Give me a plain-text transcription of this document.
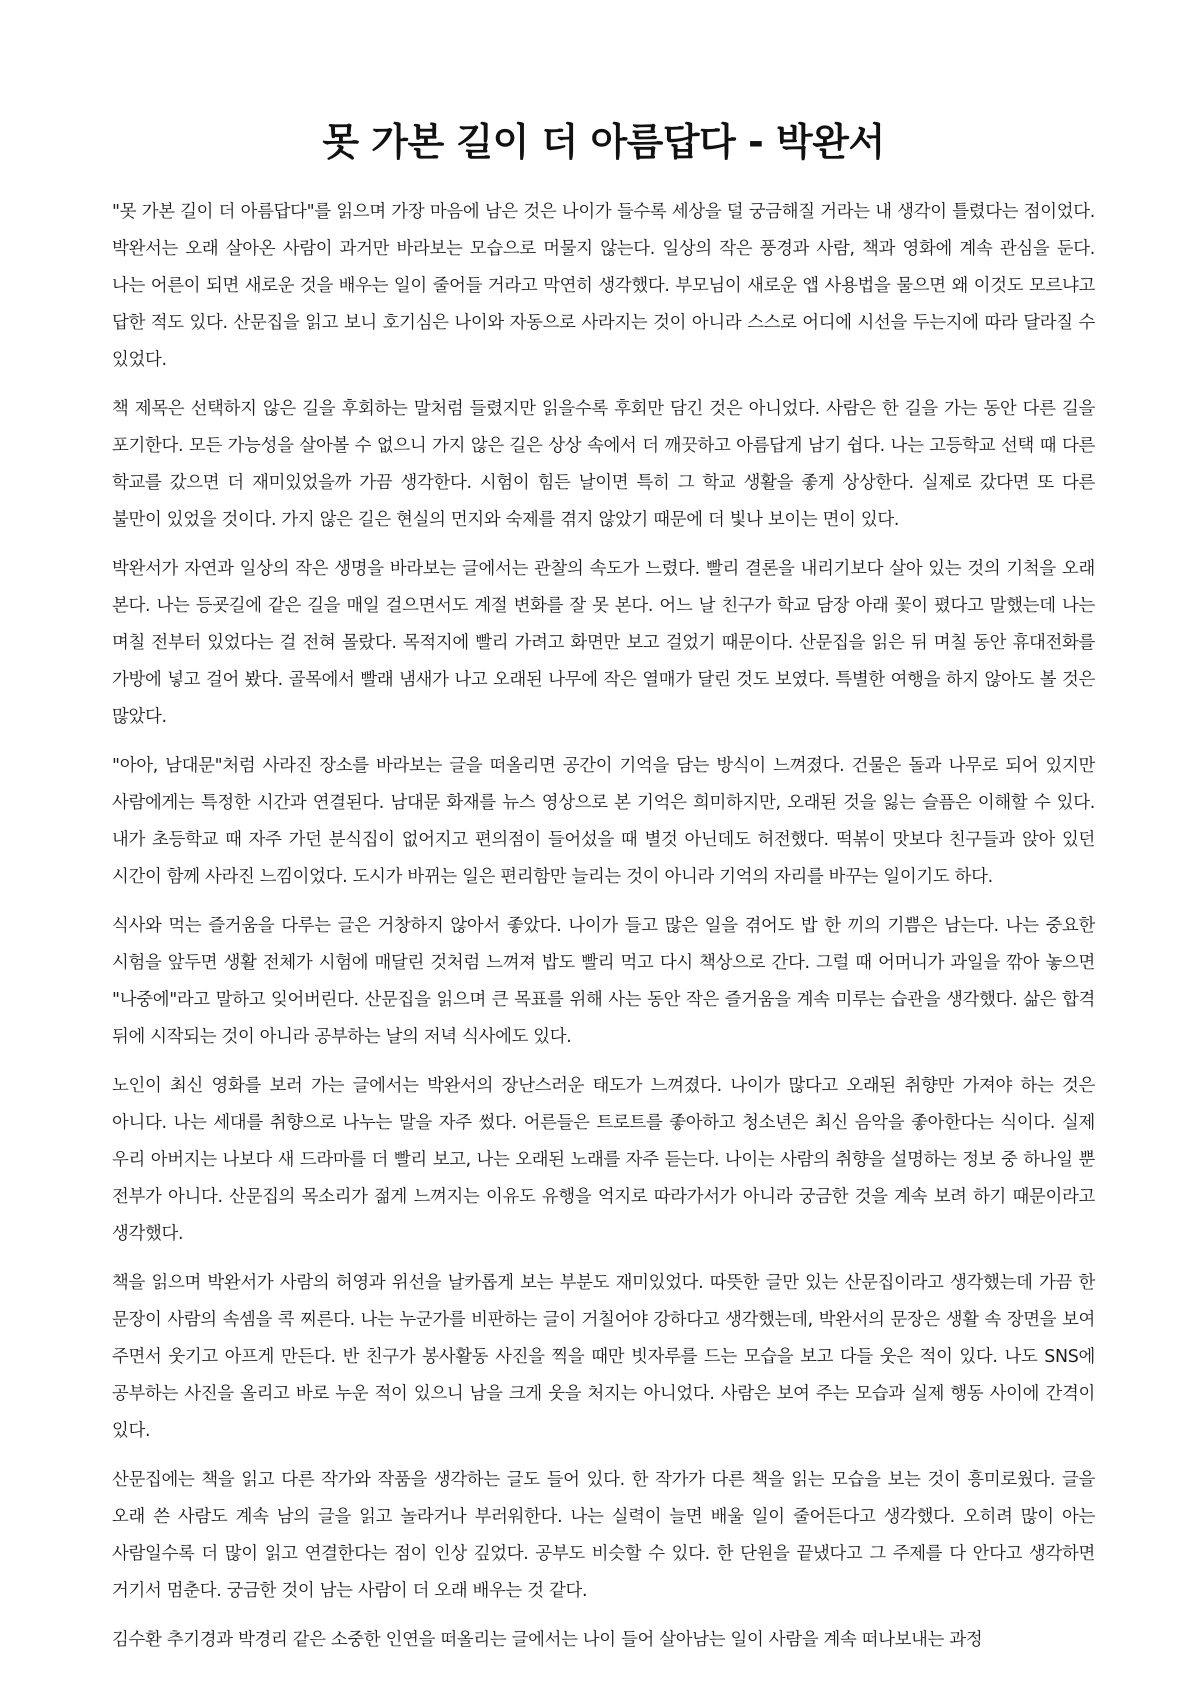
못 가본 길이 더 아름답다 - 박완서

"못 가본 길이 더 아름답다"를 읽으며 가장 마음에 남은 것은 나이가 들수록 세상을 덜 궁금해질 거라는 내 생각이 틀렸다는 점이었다. 박완서는 오래 살아온 사람이 과거만 바라보는 모습으로 머물지 않는다. 일상의 작은 풍경과 사람, 책과 영화에 계속 관심을 둔다. 나는 어른이 되면 새로운 것을 배우는 일이 줄어들 거라고 막연히 생각했다. 부모님이 새로운 앱 사용법을 물으면 왜 이것도 모르냐고 답한 적도 있다. 산문집을 읽고 보니 호기심은 나이와 자동으로 사라지는 것이 아니라 스스로 어디에 시선을 두는지에 따라 달라질 수 있었다.

책 제목은 선택하지 않은 길을 후회하는 말처럼 들렸지만 읽을수록 후회만 담긴 것은 아니었다. 사람은 한 길을 가는 동안 다른 길을 포기한다. 모든 가능성을 살아볼 수 없으니 가지 않은 길은 상상 속에서 더 깨끗하고 아름답게 남기 쉽다. 나는 고등학교 선택 때 다른 학교를 갔으면 더 재미있었을까 가끔 생각한다. 시험이 힘든 날이면 특히 그 학교 생활을 좋게 상상한다. 실제로 갔다면 또 다른 불만이 있었을 것이다. 가지 않은 길은 현실의 먼지와 숙제를 겪지 않았기 때문에 더 빛나 보이는 면이 있다.

박완서가 자연과 일상의 작은 생명을 바라보는 글에서는 관찰의 속도가 느렸다. 빨리 결론을 내리기보다 살아 있는 것의 기척을 오래 본다. 나는 등굣길에 같은 길을 매일 걸으면서도 계절 변화를 잘 못 본다. 어느 날 친구가 학교 담장 아래 꽃이 폈다고 말했는데 나는 며칠 전부터 있었다는 걸 전혀 몰랐다. 목적지에 빨리 가려고 화면만 보고 걸었기 때문이다. 산문집을 읽은 뒤 며칠 동안 휴대전화를 가방에 넣고 걸어 봤다. 골목에서 빨래 냄새가 나고 오래된 나무에 작은 열매가 달린 것도 보였다. 특별한 여행을 하지 않아도 볼 것은 많았다.

"아아, 남대문"처럼 사라진 장소를 바라보는 글을 떠올리면 공간이 기억을 담는 방식이 느껴졌다. 건물은 돌과 나무로 되어 있지만 사람에게는 특정한 시간과 연결된다. 남대문 화재를 뉴스 영상으로 본 기억은 희미하지만, 오래된 것을 잃는 슬픔은 이해할 수 있다. 내가 초등학교 때 자주 가던 분식집이 없어지고 편의점이 들어섰을 때 별것 아닌데도 허전했다. 떡볶이 맛보다 친구들과 앉아 있던 시간이 함께 사라진 느낌이었다. 도시가 바뀌는 일은 편리함만 늘리는 것이 아니라 기억의 자리를 바꾸는 일이기도 하다.

식사와 먹는 즐거움을 다루는 글은 거창하지 않아서 좋았다. 나이가 들고 많은 일을 겪어도 밥 한 끼의 기쁨은 남는다. 나는 중요한 시험을 앞두면 생활 전체가 시험에 매달린 것처럼 느껴져 밥도 빨리 먹고 다시 책상으로 간다. 그럴 때 어머니가 과일을 깎아 놓으면 "나중에"라고 말하고 잊어버린다. 산문집을 읽으며 큰 목표를 위해 사는 동안 작은 즐거움을 계속 미루는 습관을 생각했다. 삶은 합격 뒤에 시작되는 것이 아니라 공부하는 날의 저녁 식사에도 있다.

노인이 최신 영화를 보러 가는 글에서는 박완서의 장난스러운 태도가 느껴졌다. 나이가 많다고 오래된 취향만 가져야 하는 것은 아니다. 나는 세대를 취향으로 나누는 말을 자주 썼다. 어른들은 트로트를 좋아하고 청소년은 최신 음악을 좋아한다는 식이다. 실제 우리 아버지는 나보다 새 드라마를 더 빨리 보고, 나는 오래된 노래를 자주 듣는다. 나이는 사람의 취향을 설명하는 정보 중 하나일 뿐 전부가 아니다. 산문집의 목소리가 젊게 느껴지는 이유도 유행을 억지로 따라가서가 아니라 궁금한 것을 계속 보려 하기 때문이라고 생각했다.

책을 읽으며 박완서가 사람의 허영과 위선을 날카롭게 보는 부분도 재미있었다. 따뜻한 글만 있는 산문집이라고 생각했는데 가끔 한 문장이 사람의 속셈을 콕 찌른다. 나는 누군가를 비판하는 글이 거칠어야 강하다고 생각했는데, 박완서의 문장은 생활 속 장면을 보여 주면서 웃기고 아프게 만든다. 반 친구가 봉사활동 사진을 찍을 때만 빗자루를 드는 모습을 보고 다들 웃은 적이 있다. 나도 SNS에 공부하는 사진을 올리고 바로 누운 적이 있으니 남을 크게 웃을 처지는 아니었다. 사람은 보여 주는 모습과 실제 행동 사이에 간격이 있다.

산문집에는 책을 읽고 다른 작가와 작품을 생각하는 글도 들어 있다. 한 작가가 다른 책을 읽는 모습을 보는 것이 흥미로웠다. 글을 오래 쓴 사람도 계속 남의 글을 읽고 놀라거나 부러워한다. 나는 실력이 늘면 배울 일이 줄어든다고 생각했다. 오히려 많이 아는 사람일수록 더 많이 읽고 연결한다는 점이 인상 깊었다. 공부도 비슷할 수 있다. 한 단원을 끝냈다고 그 주제를 다 안다고 생각하면 거기서 멈춘다. 궁금한 것이 남는 사람이 더 오래 배우는 것 같다.

김수환 추기경과 박경리 같은 소중한 인연을 떠올리는 글에서는 나이 들어 살아남는 일이 사람을 계속 떠나보내는 과정
